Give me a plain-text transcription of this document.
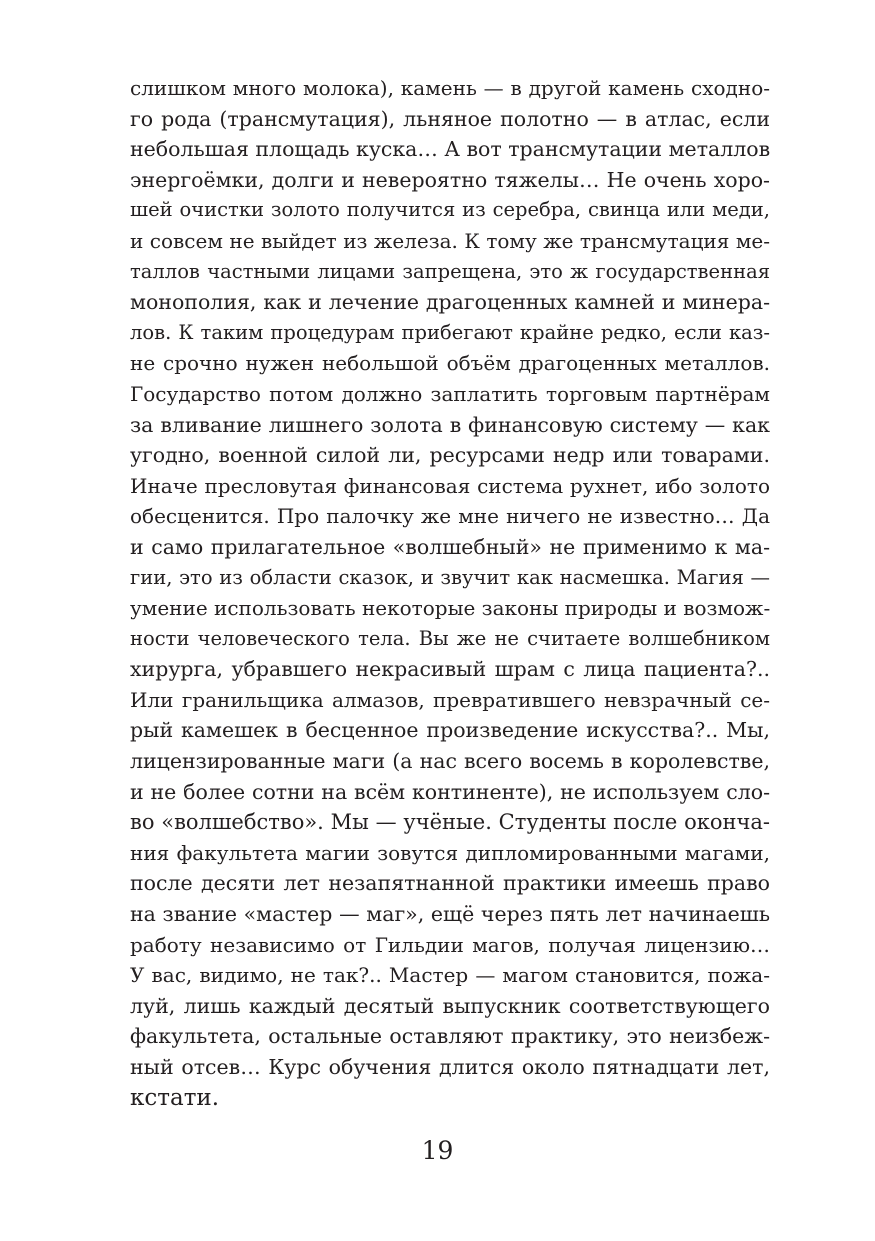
слишком много молока), камень — в другой камень сходно-
го рода (трансмутация), льняное полотно — в атлас, если
небольшая площадь куска… А вот трансмутации металлов
энергоёмки, долги и невероятно тяжелы… Не очень хоро-
шей очистки золото получится из серебра, свинца или меди,
и совсем не выйдет из железа. К тому же трансмутация ме-
таллов частными лицами запрещена, это ж государственная
монополия, как и лечение драгоценных камней и минера-
лов. К таким процедурам прибегают крайне редко, если каз-
не срочно нужен небольшой объём драгоценных металлов.
Государство потом должно заплатить торговым партнёрам
за вливание лишнего золота в финансовую систему — как
угодно, военной силой ли, ресурсами недр или товарами.
Иначе пресловутая финансовая система рухнет, ибо золото
обесценится. Про палочку же мне ничего не известно… Да
и само прилагательное «волшебный» не применимо к ма-
гии, это из области сказок, и звучит как насмешка. Магия —
умение использовать некоторые законы природы и возмож-
ности человеческого тела. Вы же не считаете волшебником
хирурга, убравшего некрасивый шрам с лица пациента?..
Или гранильщика алмазов, превратившего невзрачный се-
рый камешек в бесценное произведение искусства?.. Мы,
лицензированные маги (а нас всего восемь в королевстве,
и не более сотни на всём континенте), не используем сло-
во «волшебство». Мы — учёные. Студенты после оконча-
ния факультета магии зовутся дипломированными магами,
после десяти лет незапятнанной практики имеешь право
на звание «мастер — маг», ещё через пять лет начинаешь
работу независимо от Гильдии магов, получая лицензию…
У вас, видимо, не так?.. Мастер — магом становится, пожа-
луй, лишь каждый десятый выпускник соответствующего
факультета, остальные оставляют практику, это неизбеж-
ный отсев… Курс обучения длится около пятнадцати лет,
кстати.
19
